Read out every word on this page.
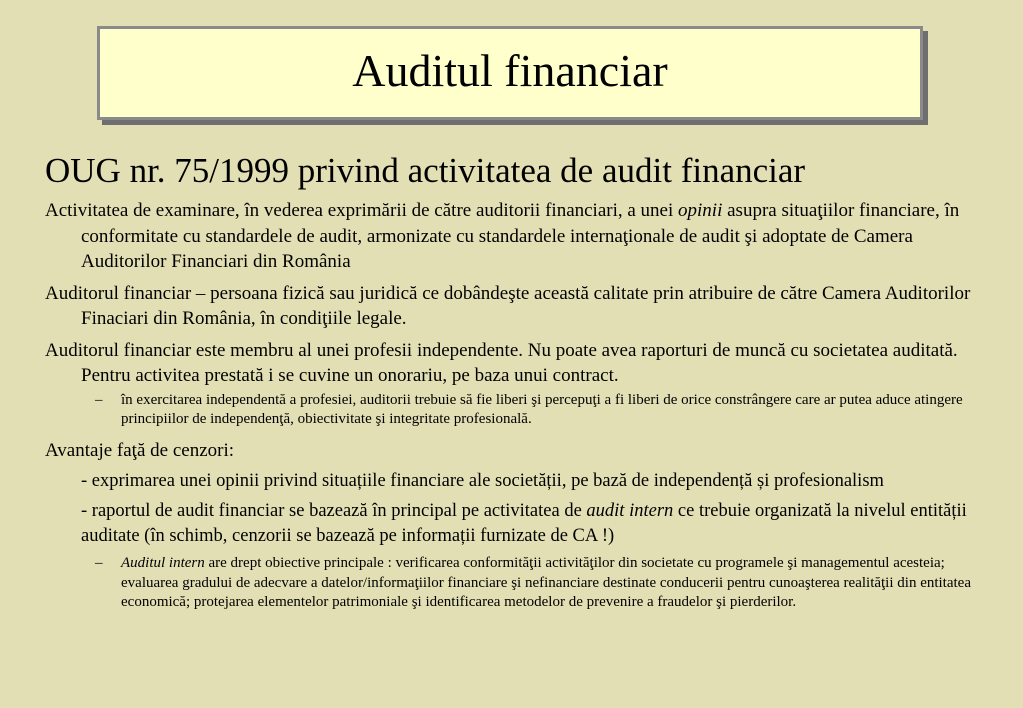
Auditul financiar
OUG nr. 75/1999 privind activitatea de audit financiar
Activitatea de examinare, în vederea exprimării de către auditorii financiari, a unei opinii asupra situaţiilor financiare, în conformitate cu standardele de audit, armonizate cu standardele internaţionale de audit şi adoptate de Camera Auditorilor Financiari din România
Auditorul financiar – persoana fizică sau juridică ce dobândeşte această calitate prin atribuire de către Camera Auditorilor Finaciari din România, în condiţiile legale.
Auditorul financiar este membru al unei profesii independente. Nu poate avea raporturi de muncă cu societatea auditată. Pentru activitea prestată i se cuvine un onorariu, pe baza unui contract.
– în exercitarea independentă a profesiei, auditorii trebuie să fie liberi şi percepuţi a fi liberi de orice constrângere care ar putea aduce atingere principiilor de independenţă, obiectivitate şi integritate profesională.
Avantaje faţă de cenzori:
- exprimarea unei opinii privind situațiile financiare ale societății, pe bază de independență și profesionalism
- raportul de audit financiar se bazează în principal pe activitatea de audit intern ce trebuie organizată la nivelul entității auditate (în schimb, cenzorii se bazează pe informații furnizate de CA !)
– Auditul intern are drept obiective principale : verificarea conformităţii activităţilor din societate cu programele şi managementul acesteia; evaluarea gradului de adecvare a datelor/informaţiilor financiare şi nefinanciare destinate conducerii pentru cunoaşterea realităţii din entitatea economică; protejarea elementelor patrimoniale şi identificarea metodelor de prevenire a fraudelor şi pierderilor.
